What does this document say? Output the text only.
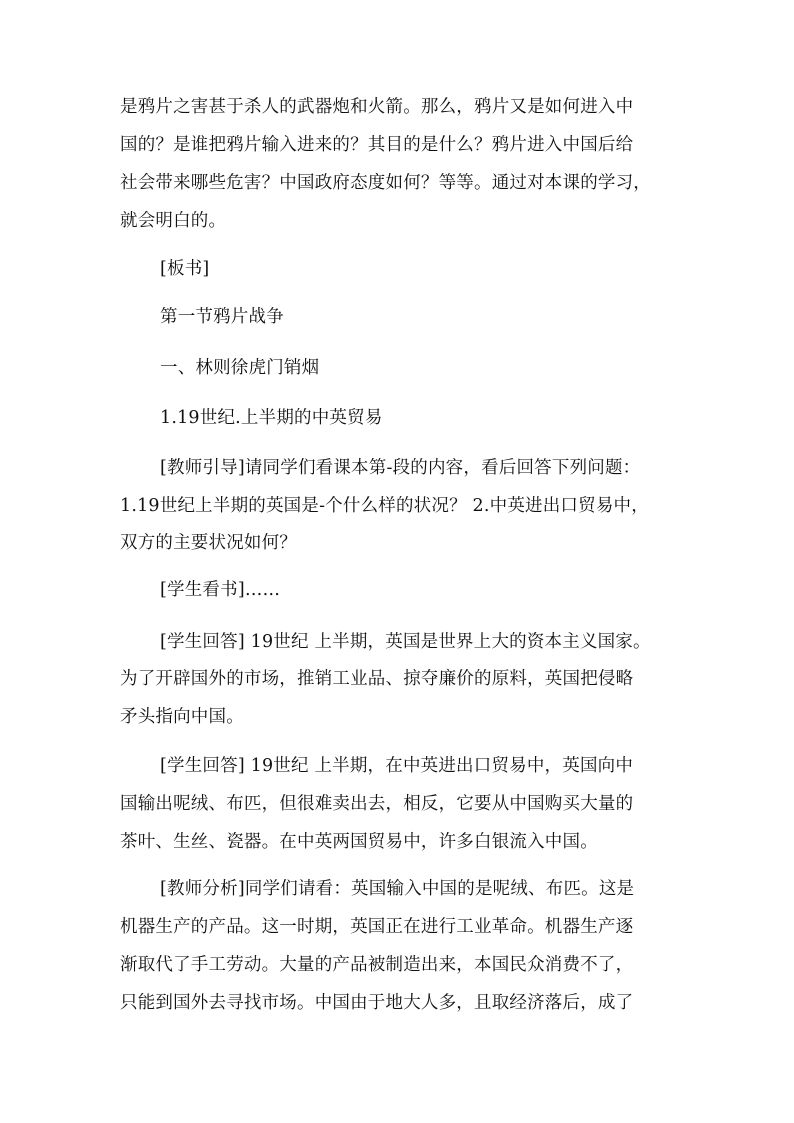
是鸦片之害甚于杀人的武器炮和火箭。那么，鸦片又是如何进入中
国的？是谁把鸦片输入进来的？其目的是什么？鸦片进入中国后给
社会带来哪些危害？中国政府态度如何？等等。通过对本课的学习，
就会明白的。
[板书]
第一节鸦片战争
一、林则徐虎门销烟
1.19世纪.上半期的中英贸易
[教师引导]请同学们看课本第-段的内容，看后回答下列问题：
1.19世纪上半期的英国是-个什么样的状况？ 2.中英进出口贸易中，
双方的主要状况如何？
[学生看书]……
[学生回答] 19世纪 上半期，英国是世界上大的资本主义国家。
为了开辟国外的市场，推销工业品、掠夺廉价的原料，英国把侵略
矛头指向中国。
[学生回答] 19世纪 上半期，在中英进出口贸易中，英国向中
国输出呢绒、布匹，但很难卖出去，相反，它要从中国购买大量的
茶叶、生丝、瓷器。在中英两国贸易中，许多白银流入中国。
[教师分析]同学们请看：英国输入中国的是呢绒、布匹。这是
机器生产的产品。这一时期，英国正在进行工业革命。机器生产逐
渐取代了手工劳动。大量的产品被制造出来，本国民众消费不了，
只能到国外去寻找市场。中国由于地大人多，且取经济落后，成了
